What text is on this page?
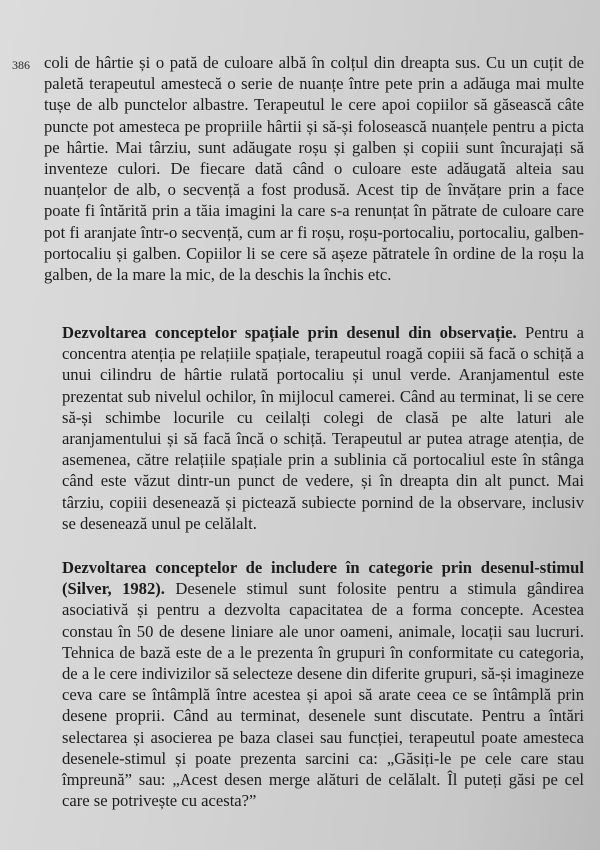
386 coli de hârtie și o pată de culoare albă în colțul din dreapta sus. Cu un cuțit de paletă terapeutul amestecă o serie de nuanțe între pete prin a adăuga mai multe tușe de alb punctelor albastre. Terapeutul le cere apoi copiilor să găsească câte puncte pot amesteca pe propriile hârtii și să-și folosească nuanțele pentru a picta pe hârtie. Mai târziu, sunt adăugate roșu și galben și copiii sunt încurajați să inventeze culori. De fiecare dată când o culoare este adăugată alteia sau nuanțelor de alb, o secvență a fost produsă. Acest tip de învățare prin a face poate fi întărită prin a tăia imagini la care s-a renunțat în pătrate de culoare care pot fi aranjate într-o secvență, cum ar fi roșu, roșu-portocaliu, portocaliu, galben-portocaliu și galben. Copiilor li se cere să așeze pătratele în ordine de la roșu la galben, de la mare la mic, de la deschis la închis etc.

Dezvoltarea conceptelor spațiale prin desenul din observație. Pentru a concentra atenția pe relațiile spațiale, terapeutul roagă copiii să facă o schiță a unui cilindru de hârtie rulată portocaliu și unul verde. Aranjamentul este prezentat sub nivelul ochilor, în mijlocul camerei. Când au terminat, li se cere să-și schimbe locurile cu ceilalți colegi de clasă pe alte laturi ale aranjamentului și să facă încă o schiță. Terapeutul ar putea atrage atenția, de asemenea, către relațiile spațiale prin a sublinia că portocaliul este în stânga când este văzut dintr-un punct de vedere, și în dreapta din alt punct. Mai târziu, copiii desenează și pictează subiecte pornind de la observare, inclusiv se desenează unul pe celălalt.

Dezvoltarea conceptelor de includere în categorie prin desenul-stimul (Silver, 1982). Desenele stimul sunt folosite pentru a stimula gândirea asociativă și pentru a dezvolta capacitatea de a forma concepte. Acestea constau în 50 de desene liniare ale unor oameni, animale, locații sau lucruri. Tehnica de bază este de a le prezenta în grupuri în conformitate cu categoria, de a le cere indivizilor să selecteze desene din diferite grupuri, să-și imagineze ceva care se întâmplă între acestea și apoi să arate ceea ce se întâmplă prin desene proprii. Când au terminat, desenele sunt discutate. Pentru a întări selectarea și asocierea pe baza clasei sau funcției, terapeutul poate amesteca desenele-stimul și poate prezenta sarcini ca: „Găsiți-le pe cele care stau împreună” sau: „Acest desen merge alături de celălalt. Îl puteți găsi pe cel care se potrivește cu acesta?”
